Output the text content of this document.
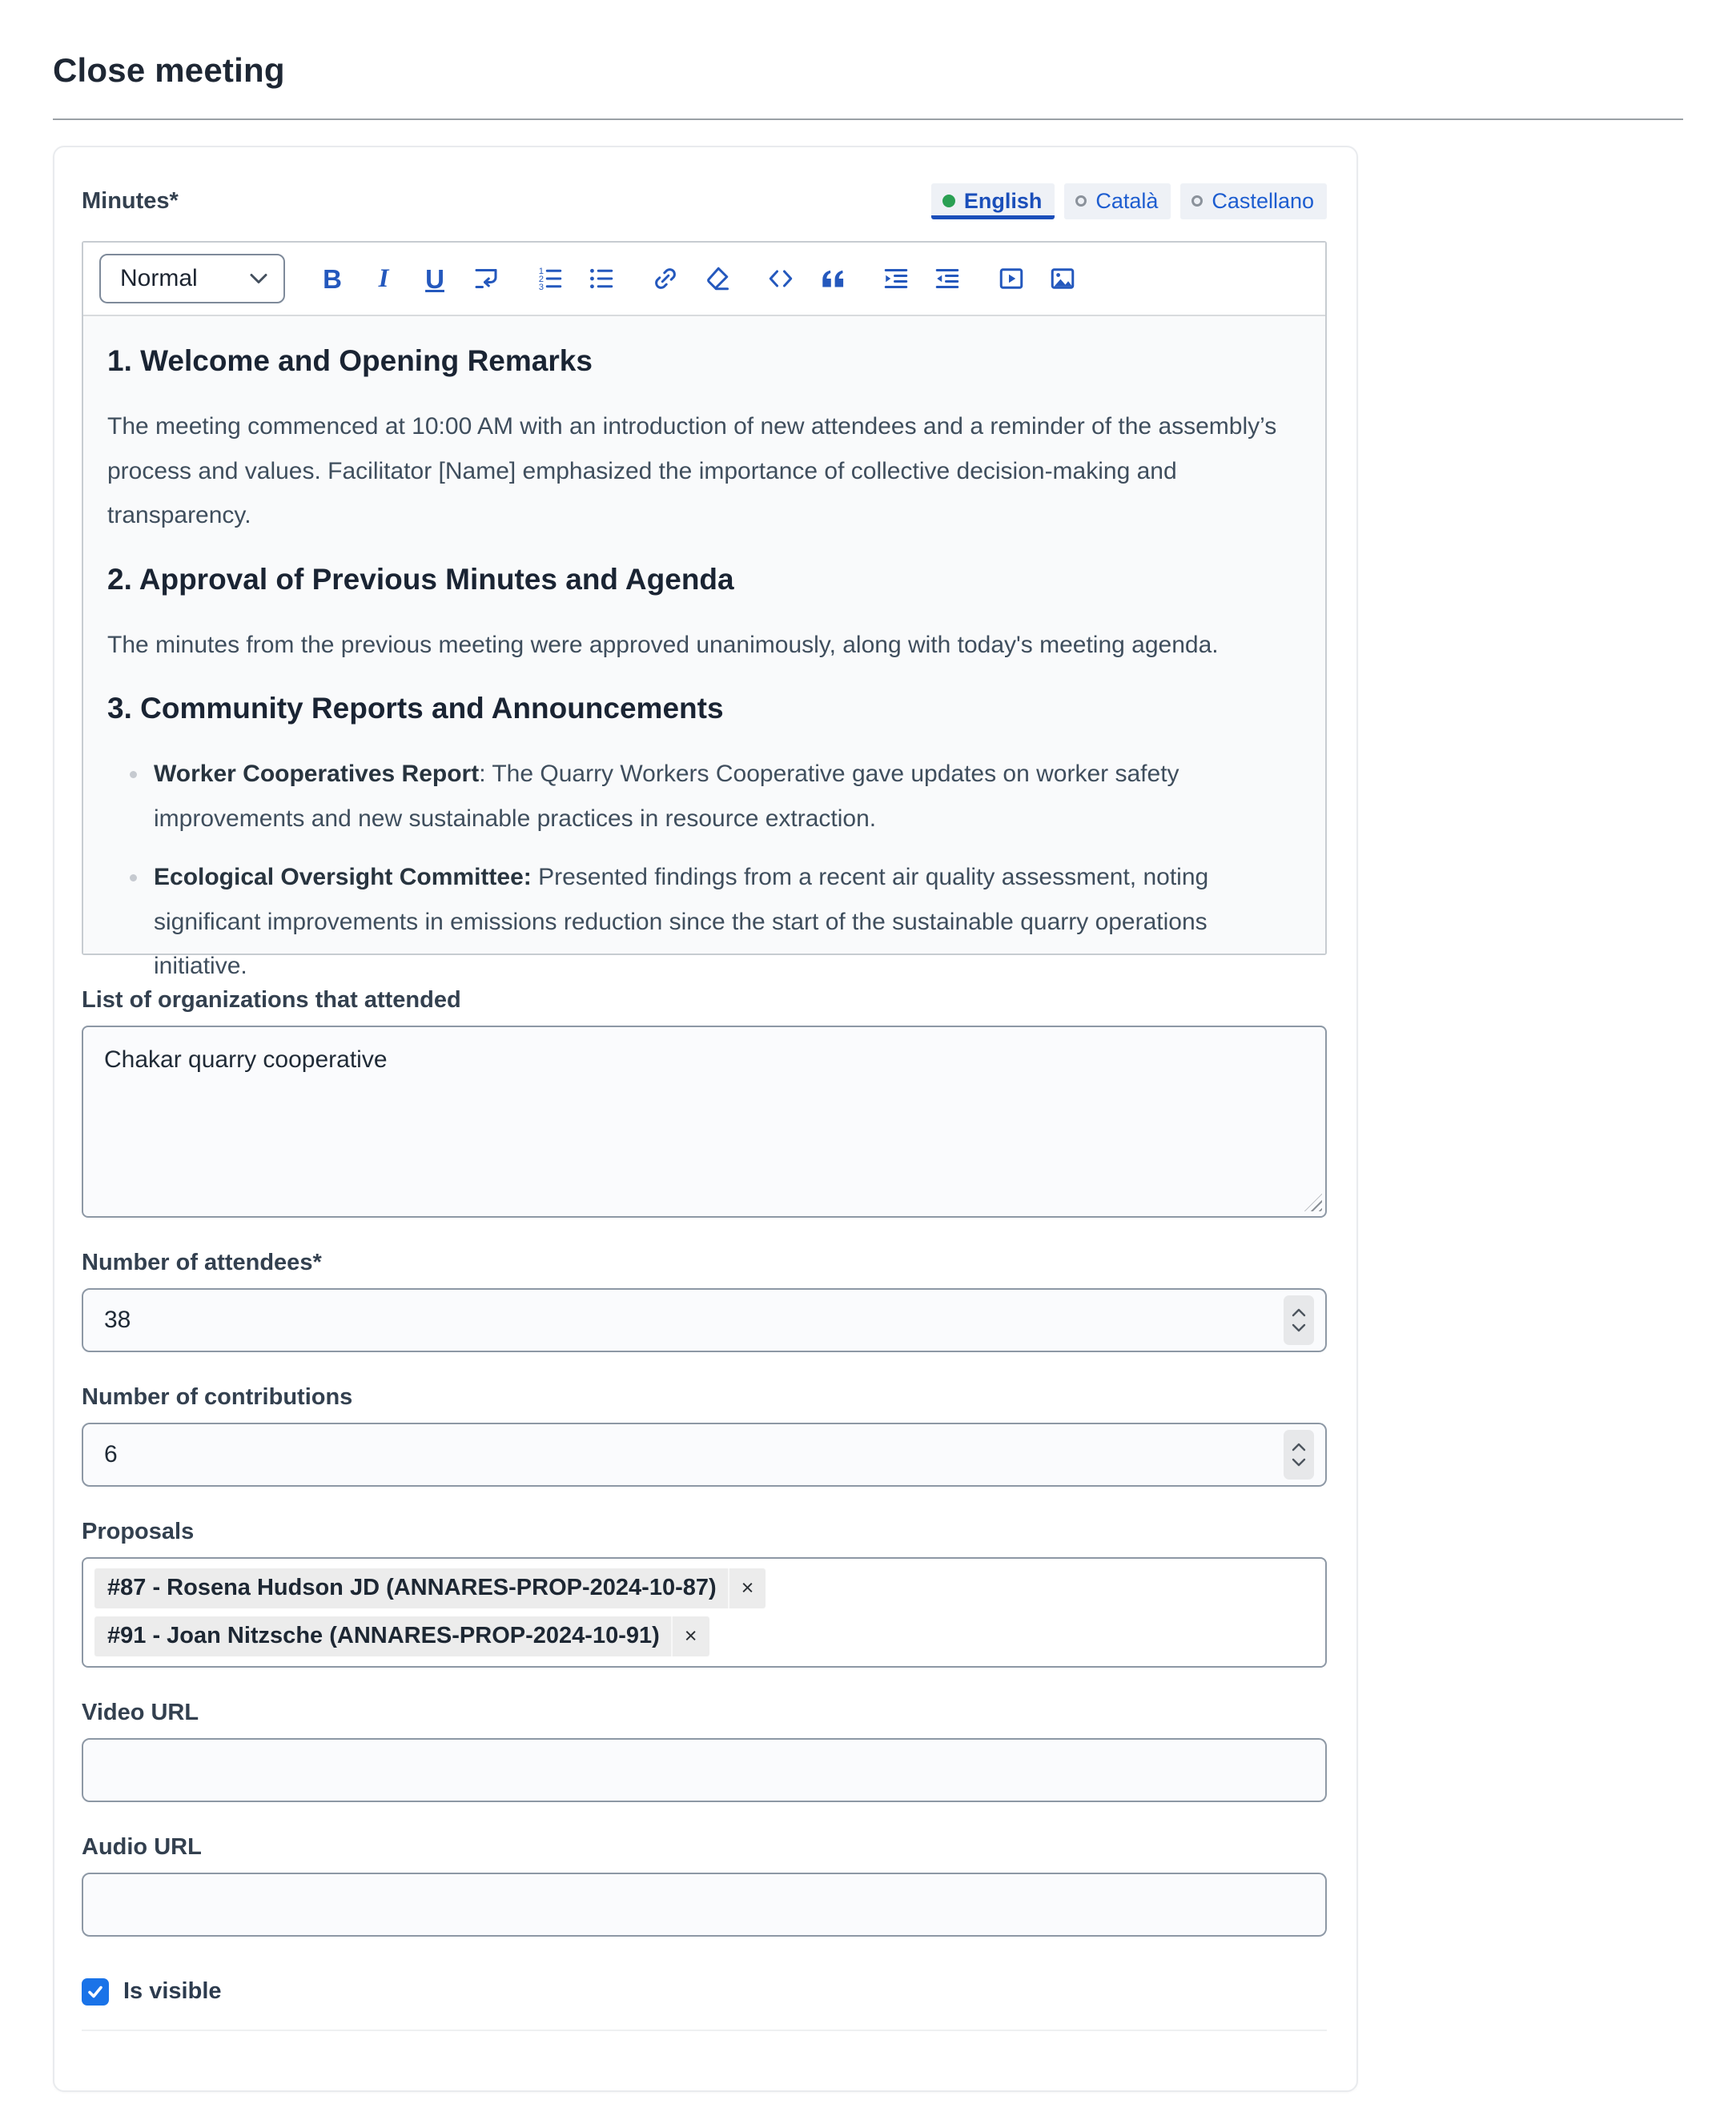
Close meeting
Minutes*	English Català Castellano
Normal	B I U	1
2
3
1. Welcome and Opening Remarks

The meeting commenced at 10:00 AM with an introduction of new attendees and a reminder of the assembly’s process and values. Facilitator [Name] emphasized the importance of collective decision-making and transparency.

2. Approval of Previous Minutes and Agenda

The minutes from the previous meeting were approved unanimously, along with today's meeting agenda.

3. Community Reports and Announcements
• Worker Cooperatives Report: The Quarry Workers Cooperative gave updates on worker safety improvements and new sustainable practices in resource extraction.
• Ecological Oversight Committee: Presented findings from a recent air quality assessment, noting significant improvements in emissions reduction since the start of the sustainable quarry operations initiative.
List of organizations that attended
Chakar quarry cooperative
Number of attendees*
38
Number of contributions
6
Proposals
#87 - Rosena Hudson JD (ANNARES-PROP-2024-10-87)	×
#91 - Joan Nitzsche (ANNARES-PROP-2024-10-91)	×
Video URL
Audio URL
Is visible
